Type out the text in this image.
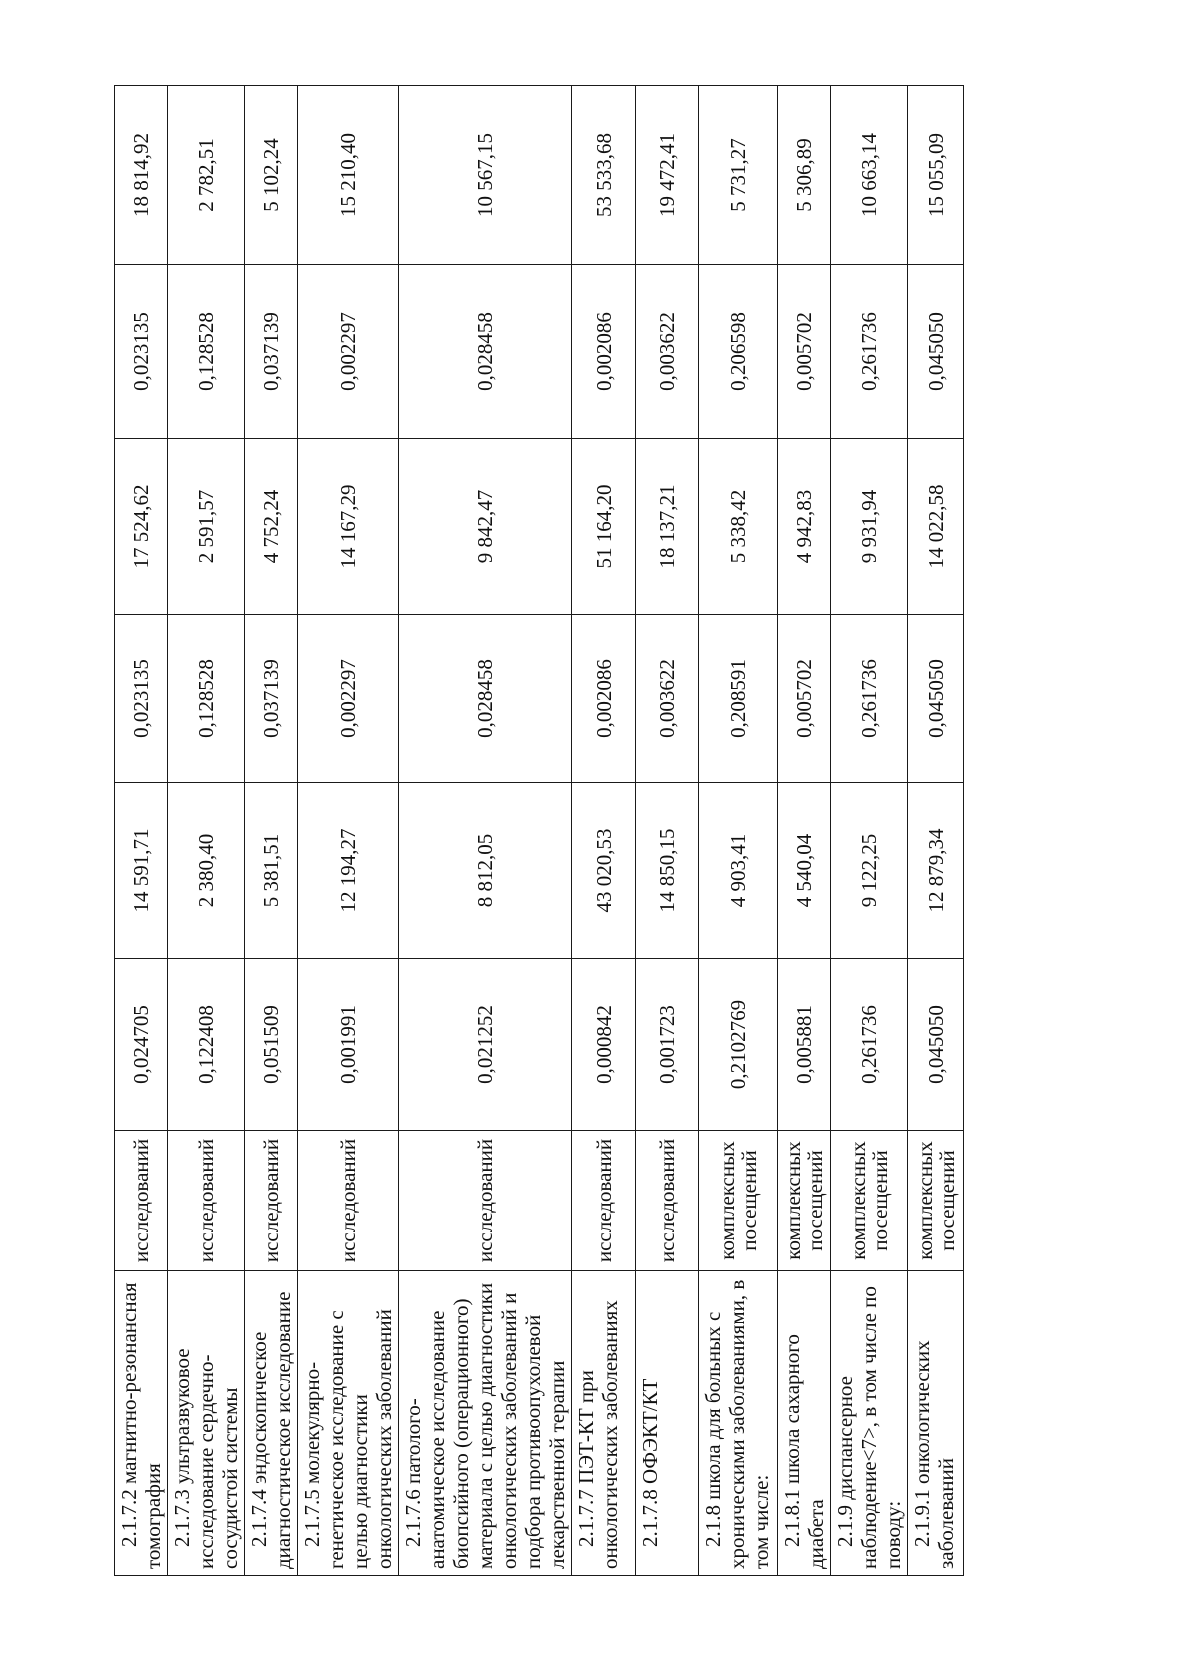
2.1.7.2 магнитно-резонансная томография	исследований	0,024705	14 591,71	0,023135	17 524,62	0,023135	18 814,92
2.1.7.3 ультразвуковое исследование сердечно-сосудистой системы	исследований	0,122408	2 380,40	0,128528	2 591,57	0,128528	2 782,51
2.1.7.4 эндоскопическое диагностическое исследование	исследований	0,051509	5 381,51	0,037139	4 752,24	0,037139	5 102,24
2.1.7.5 молекулярно-генетическое исследование с целью диагностики онкологических заболеваний	исследований	0,001991	12 194,27	0,002297	14 167,29	0,002297	15 210,40
2.1.7.6 патолого-анатомическое исследование биопсийного (операционного) материала с целью диагностики онкологических заболеваний и подбора противоопухолевой лекарственной терапии	исследований	0,021252	8 812,05	0,028458	9 842,47	0,028458	10 567,15
2.1.7.7 ПЭТ-КТ при онкологических заболеваниях	исследований	0,000842	43 020,53	0,002086	51 164,20	0,002086	53 533,68
2.1.7.8 ОФЭКТ/КТ	исследований	0,001723	14 850,15	0,003622	18 137,21	0,003622	19 472,41
2.1.8 школа для больных с хроническими заболеваниями, в том числе:	комплексных посещений	0,2102769	4 903,41	0,208591	5 338,42	0,206598	5 731,27
2.1.8.1 школа сахарного диабета	комплексных посещений	0,005881	4 540,04	0,005702	4 942,83	0,005702	5 306,89
2.1.9 диспансерное наблюдение<7>, в том числе по поводу:	комплексных посещений	0,261736	9 122,25	0,261736	9 931,94	0,261736	10 663,14
2.1.9.1 онкологических заболеваний	комплексных посещений	0,045050	12 879,34	0,045050	14 022,58	0,045050	15 055,09
